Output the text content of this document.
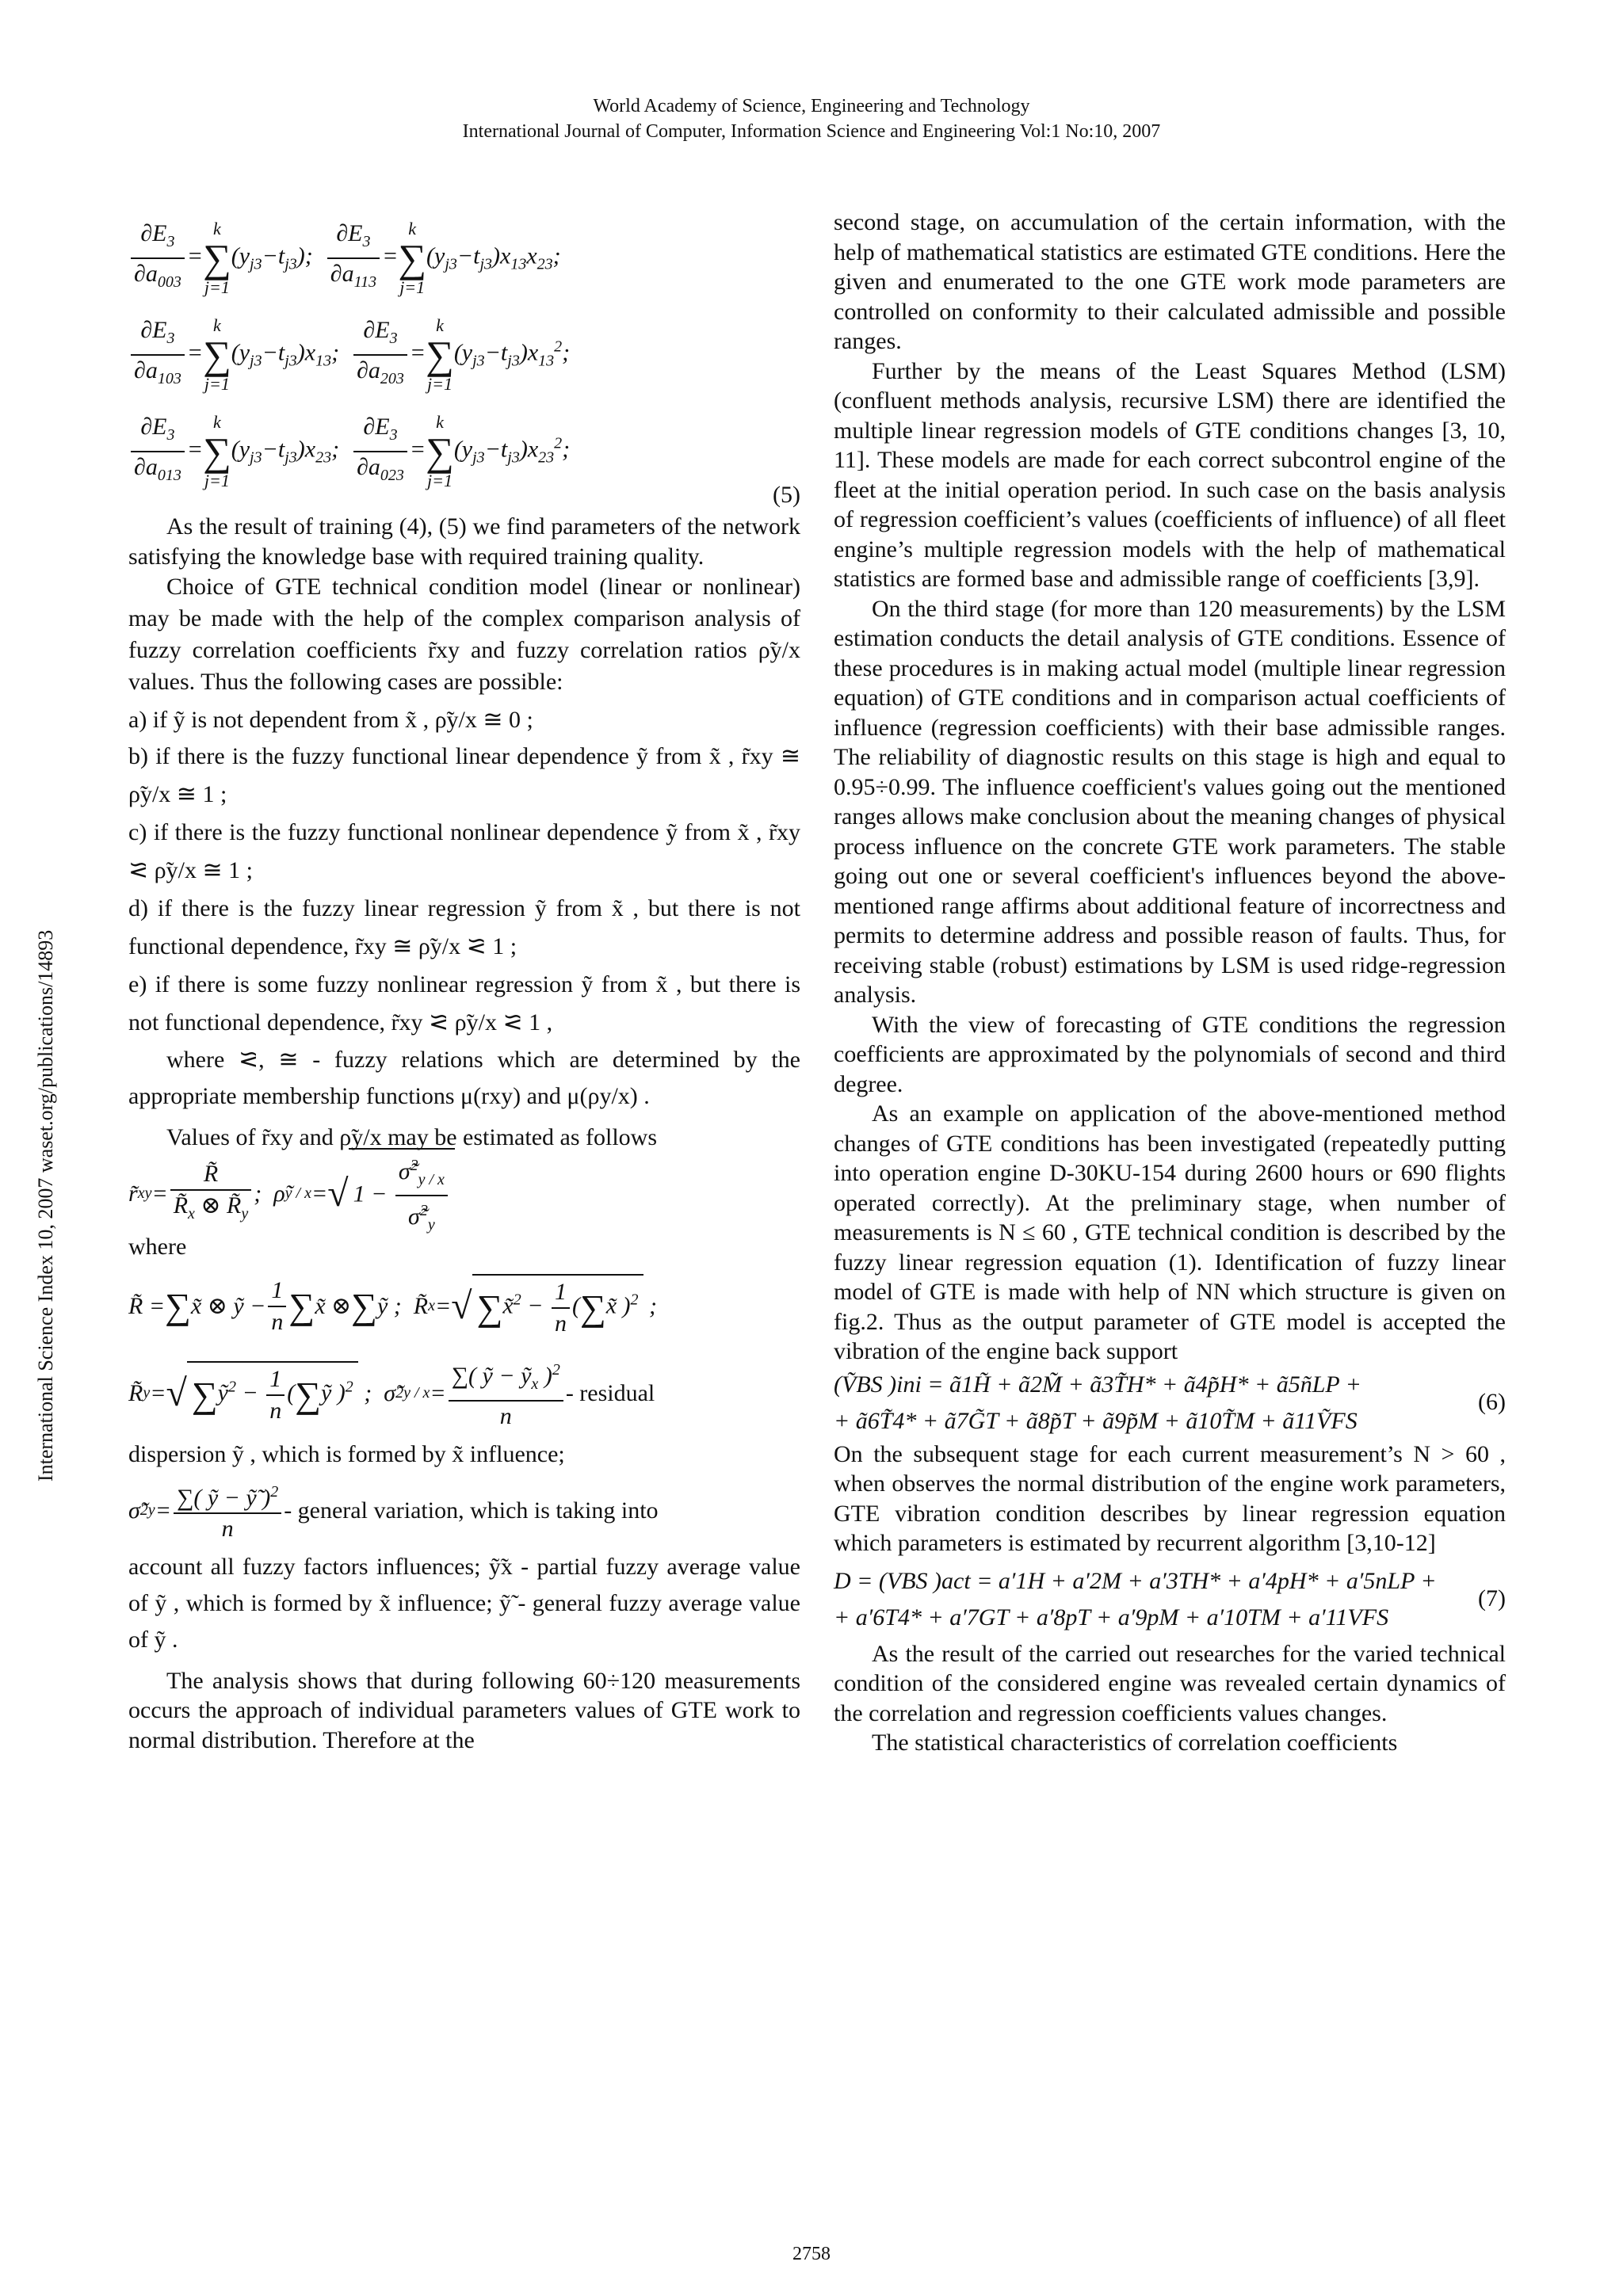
World Academy of Science, Engineering and Technology
International Journal of Computer, Information Science and Engineering Vol:1 No:10, 2007
International Science Index 10, 2007 waset.org/publications/14893
$\frac{\partial E_3}{\partial a_{003}} =k$
∑
$j=1(y_{j3}-t_{j3})$; $\frac{\partial E_3}{\partial a_{113}} =k$
∑
$j=1(y_{j3}-t_{j3})x_{13}x_{23}$;
$\frac{\partial E_3}{\partial a_{103}} =k$
∑
$j=1(y_{j3}-t_{j3})x_{13}$; $\frac{\partial E_3}{\partial a_{203}} =k$
∑
$j=1(y_{j3}-t_{j3})x_{13}^2$;
$\frac{\partial E_3}{\partial a_{013}} =k$
∑
$j=1(y_{j3}-t_{j3})x_{23}$; $\frac{\partial E_3}{\partial a_{023}} =k$
∑
$j=1(y_{j3}-t_{j3})x_{23}^2$;
(5)

As the result of training (4), (5) we find parameters of the network satisfying the knowledge base with required training quality.

Choice of GTE technical condition model (linear or nonlinear) may be made with the help of the complex comparison analysis of fuzzy correlation coefficients r̃xy and fuzzy correlation ratios ρ̃y/x values. Thus the following cases are possible:

a) if ỹ is not dependent from x̃ , ρ̃y/x ≅ 0 ;

b) if there is the fuzzy functional linear dependence ỹ from x̃ , r̃xy ≅ ρ̃y/x ≅ 1 ;

c) if there is the fuzzy functional nonlinear dependence ỹ from x̃ , r̃xy ⪝ ρ̃y/x ≅ 1 ;

d) if there is the fuzzy linear regression ỹ from x̃ , but there is not functional dependence, r̃xy ≅ ρ̃y/x ⪝ 1 ;

e) if there is some fuzzy nonlinear regression ỹ from x̃ , but there is not functional dependence, r̃xy ⪝ ρ̃y/x ⪝ 1 ,

where ⪝, ≅ - fuzzy relations which are determined by the appropriate membership functions μ(rxy) and μ(ρy/x) .

Values of r̃xy and ρ̃y/x may be estimated as follows

r̃ xy = $\frac{R̃}{R̃_x \otimes R̃_y}$ ;  ρ̃ y / x = √ $1 - \frac{\sigmã^2_{y / x}}{\sigmã^2_y}$

where

R̃ = ∑ x̃ ⊗ ỹ − $\frac{1}{n}$ ∑ x̃ ⊗ ∑ ỹ ;  R̃ x = √ ∑x̃$^2$ − $\frac{1}{n}$ (∑x̃ )$^2$ ;
R̃ y = √ ∑ỹ$^2$ − $\frac{1}{n}$ (∑ỹ )$^2$ ;  σ̃ 2 $y / x = \frac{\sum( ỹ - ỹ_x )^2}{n}$ - residual

dispersion ỹ , which is formed by x̃ influence;

σ̃ 2 $y = \frac{\sum( ỹ - ỹ̃ )^2}{n}$ - general variation, which is taking into

account all fuzzy factors influences; ỹ̃x - partial fuzzy average value of ỹ , which is formed by x̃ influence; ỹ̃ - general fuzzy average value of ỹ .

The analysis shows that during following 60÷120 measurements occurs the approach of individual parameters values of GTE work to normal distribution. Therefore at the

second stage, on accumulation of the certain information, with the help of mathematical statistics are estimated GTE conditions. Here the given and enumerated to the one GTE work mode parameters are controlled on conformity to their calculated admissible and possible ranges.

Further by the means of the Least Squares Method (LSM) (confluent methods analysis, recursive LSM) there are identified the multiple linear regression models of GTE conditions changes [3, 10, 11]. These models are made for each correct subcontrol engine of the fleet at the initial operation period. In such case on the basis analysis of regression coefficient’s values (coefficients of influence) of all fleet engine’s multiple regression models with the help of mathematical statistics are formed base and admissible range of coefficients [3,9].

On the third stage (for more than 120 measurements) by the LSM estimation conducts the detail analysis of GTE conditions. Essence of these procedures is in making actual model (multiple linear regression equation) of GTE conditions and in comparison actual coefficients of influence (regression coefficients) with their base admissible ranges. The reliability of diagnostic results on this stage is high and equal to 0.95÷0.99. The influence coefficient's values going out the mentioned ranges allows make conclusion about the meaning changes of physical process influence on the concrete GTE work parameters. The stable going out one or several coefficient's influences beyond the above-mentioned range affirms about additional feature of incorrectness and permits to determine address and possible reason of faults. Thus, for receiving stable (robust) estimations by LSM is used ridge-regression analysis.

With the view of forecasting of GTE conditions the regression coefficients are approximated by the polynomials of second and third degree.

As an example on application of the above-mentioned method changes of GTE conditions has been investigated (repeatedly putting into operation engine D-30KU-154 during 2600 hours or 690 flights operated correctly). At the preliminary stage, when number of measurements is N ≤ 60 , GTE technical condition is described by the fuzzy linear regression equation (1). Identification of fuzzy linear model of GTE is made with help of NN which structure is given on fig.2. Thus as the output parameter of GTE model is accepted the vibration of the engine back support

(ṼBS )ini = ã1H̃ + ã2M̃ + ã3T̃H* + ã4p̃H* + ã5ñLP +
+ ã6T̃4* + ã7G̃T + ã8p̃T + ã9p̃M + ã10T̃M + ã11ṼFS
(6)

On the subsequent stage for each current measurement’s N > 60 , when observes the normal distribution of the engine work parameters, GTE vibration condition describes by linear regression equation which parameters is estimated by recurrent algorithm [3,10-12]

D = (VBS )act = a′1H + a′2M + a′3TH* + a′4pH* + a′5nLP +
+ a′6T4* + a′7GT + a′8pT + a′9pM + a′10TM + a′11VFS
(7)

As the result of the carried out researches for the varied technical condition of the considered engine was revealed certain dynamics of the correlation and regression coefficients values changes.

The statistical characteristics of correlation coefficients

2758
